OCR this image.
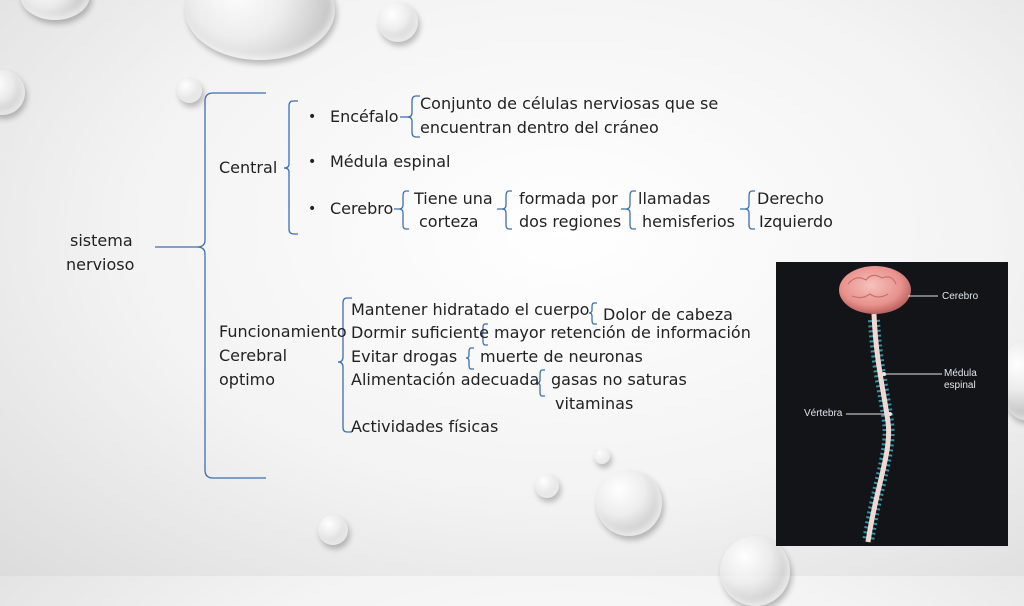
sistema
nervioso
Central
• Encéfalo
Conjunto de células nerviosas que se
encuentran dentro del cráneo
• Médula espinal
• Cerebro
Tiene una
corteza
formada por
dos regiones
llamadas
hemisferios
Derecho
Izquierdo
Funcionamiento
Cerebral
optimo
Mantener hidratado el cuerpo Dolor de cabeza
Dormir suficiente mayor retención de información
Evitar drogas muerte de neuronas
Alimentación adecuada gasas no saturas
vitaminas
Actividades físicas
Cerebro
Médula
espinal
Vértebra
